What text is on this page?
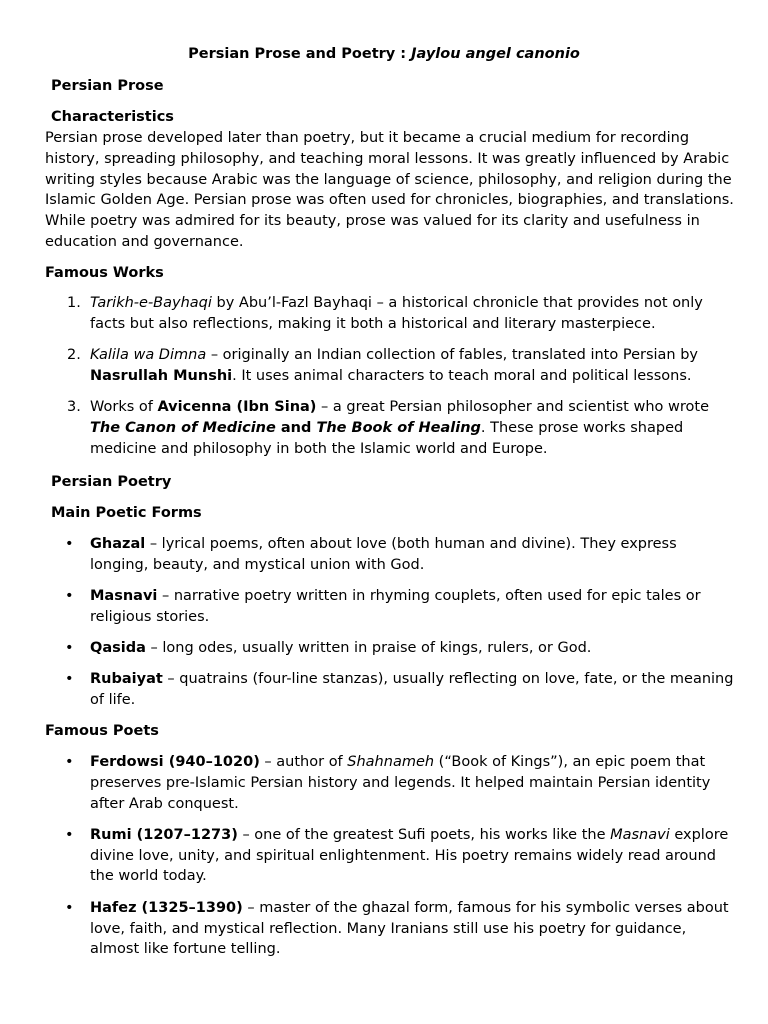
Persian Prose and Poetry : Jaylou angel canonio
Persian Prose
Characteristics

Persian prose developed later than poetry, but it became a crucial medium for recording history, spreading philosophy, and teaching moral lessons. It was greatly influenced by Arabic writing styles because Arabic was the language of science, philosophy, and religion during the Islamic Golden Age. Persian prose was often used for chronicles, biographies, and translations. While poetry was admired for its beauty, prose was valued for its clarity and usefulness in education and governance.

Famous Works
1. Tarikh-e-Bayhaqi by Abu’l-Fazl Bayhaqi – a historical chronicle that provides not only facts but also reflections, making it both a historical and literary masterpiece.
2. Kalila wa Dimna – originally an Indian collection of fables, translated into Persian by Nasrullah Munshi. It uses animal characters to teach moral and political lessons.
3. Works of Avicenna (Ibn Sina) – a great Persian philosopher and scientist who wrote The Canon of Medicine and The Book of Healing. These prose works shaped medicine and philosophy in both the Islamic world and Europe.
Persian Poetry
Main Poetic Forms
• Ghazal – lyrical poems, often about love (both human and divine). They express longing, beauty, and mystical union with God.
• Masnavi – narrative poetry written in rhyming couplets, often used for epic tales or religious stories.
• Qasida – long odes, usually written in praise of kings, rulers, or God.
• Rubaiyat – quatrains (four-line stanzas), usually reflecting on love, fate, or the meaning of life.
Famous Poets
• Ferdowsi (940–1020) – author of Shahnameh (“Book of Kings”), an epic poem that preserves pre-Islamic Persian history and legends. It helped maintain Persian identity after Arab conquest.
• Rumi (1207–1273) – one of the greatest Sufi poets, his works like the Masnavi explore divine love, unity, and spiritual enlightenment. His poetry remains widely read around the world today.
• Hafez (1325–1390) – master of the ghazal form, famous for his symbolic verses about love, faith, and mystical reflection. Many Iranians still use his poetry for guidance, almost like fortune telling.
